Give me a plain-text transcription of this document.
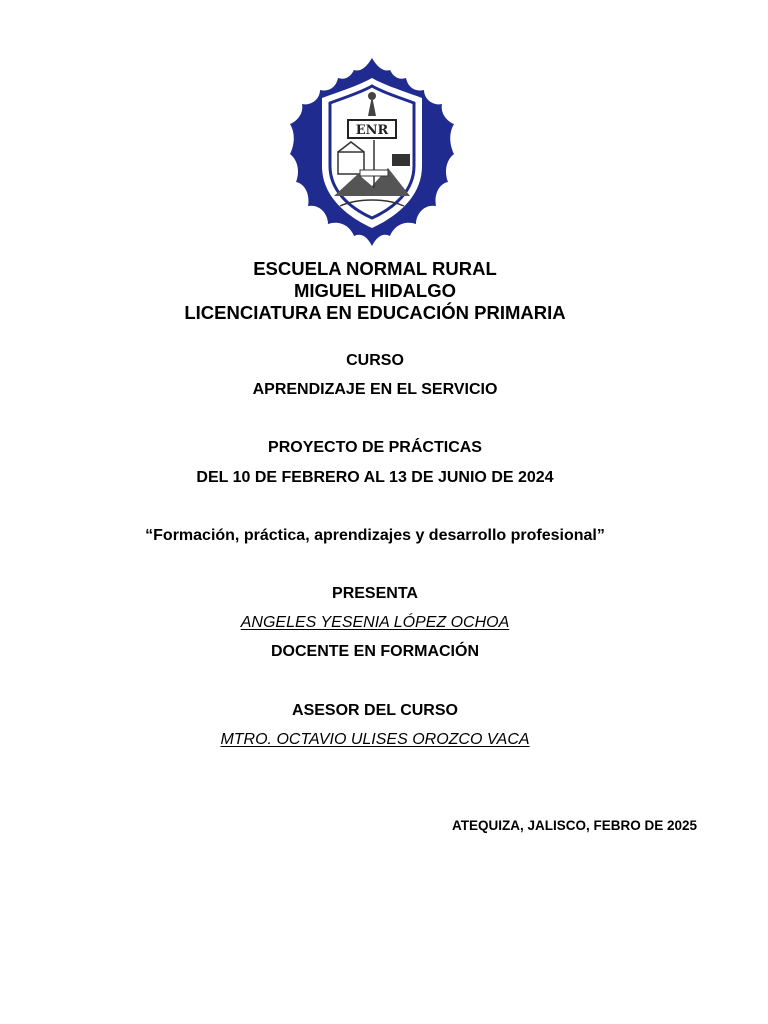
ENR
ESCUELA NORMAL RURAL
MIGUEL HIDALGO
LICENCIATURA EN EDUCACIÓN PRIMARIA
CURSO
APRENDIZAJE EN EL SERVICIO
PROYECTO DE PRÁCTICAS
DEL 10 DE FEBRERO AL 13 DE JUNIO DE 2024
“Formación, práctica, aprendizajes y desarrollo profesional”
PRESENTA
ANGELES YESENIA LÓPEZ OCHOA
DOCENTE EN FORMACIÓN
ASESOR DEL CURSO
MTRO. OCTAVIO ULISES OROZCO VACA
ATEQUIZA, JALISCO, FEBRO DE 2025
